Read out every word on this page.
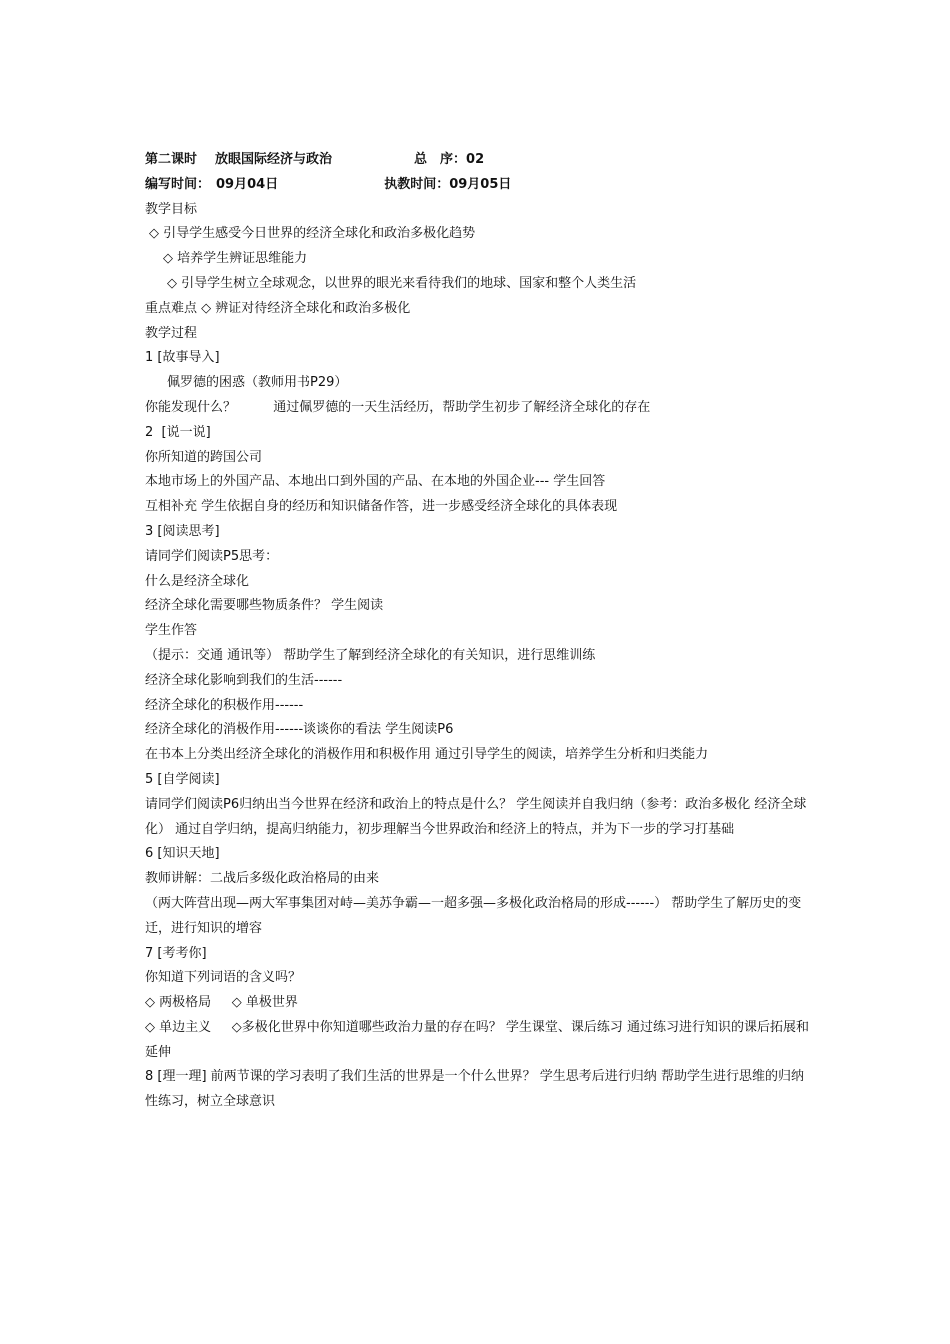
第二课时 放眼国际经济与政治	总　序：02
编写时间： 09月04日	执教时间：09月05日
教学目标
◇ 引导学生感受今日世界的经济全球化和政治多极化趋势
◇ 培养学生辨证思维能力
◇ 引导学生树立全球观念，以世界的眼光来看待我们的地球、国家和整个人类生活
重点难点 ◇ 辨证对待经济全球化和政治多极化
教学过程
1 [故事导入]
佩罗德的困惑（教师用书P29）
你能发现什么？         通过佩罗德的一天生活经历，帮助学生初步了解经济全球化的存在
2  [说一说]
你所知道的跨国公司
本地市场上的外国产品、本地出口到外国的产品、在本地的外国企业--- 学生回答
互相补充 学生依据自身的经历和知识储备作答，进一步感受经济全球化的具体表现
3 [阅读思考]
请同学们阅读P5思考：
什么是经济全球化
经济全球化需要哪些物质条件？ 学生阅读
学生作答
（提示：交通 通讯等） 帮助学生了解到经济全球化的有关知识，进行思维训练
经济全球化影响到我们的生活------
经济全球化的积极作用------
经济全球化的消极作用------谈谈你的看法 学生阅读P6
在书本上分类出经济全球化的消极作用和积极作用 通过引导学生的阅读，培养学生分析和归类能力
5 [自学阅读]
请同学们阅读P6归纳出当今世界在经济和政治上的特点是什么？ 学生阅读并自我归纳（参考：政治多极化 经济全球化） 通过自学归纳，提高归纳能力，初步理解当今世界政治和经济上的特点，并为下一步的学习打基础
6 [知识天地]
教师讲解：二战后多级化政治格局的由来
（两大阵营出现—两大军事集团对峙—美苏争霸—一超多强—多极化政治格局的形成------） 帮助学生了解历史的变迁，进行知识的增容
7 [考考你]
你知道下列词语的含义吗？
◇ 两极格局     ◇ 单极世界
◇ 单边主义     ◇多极化世界中你知道哪些政治力量的存在吗？ 学生课堂、课后练习 通过练习进行知识的课后拓展和延伸
8 [理一理] 前两节课的学习表明了我们生活的世界是一个什么世界？ 学生思考后进行归纳 帮助学生进行思维的归纳性练习，树立全球意识
